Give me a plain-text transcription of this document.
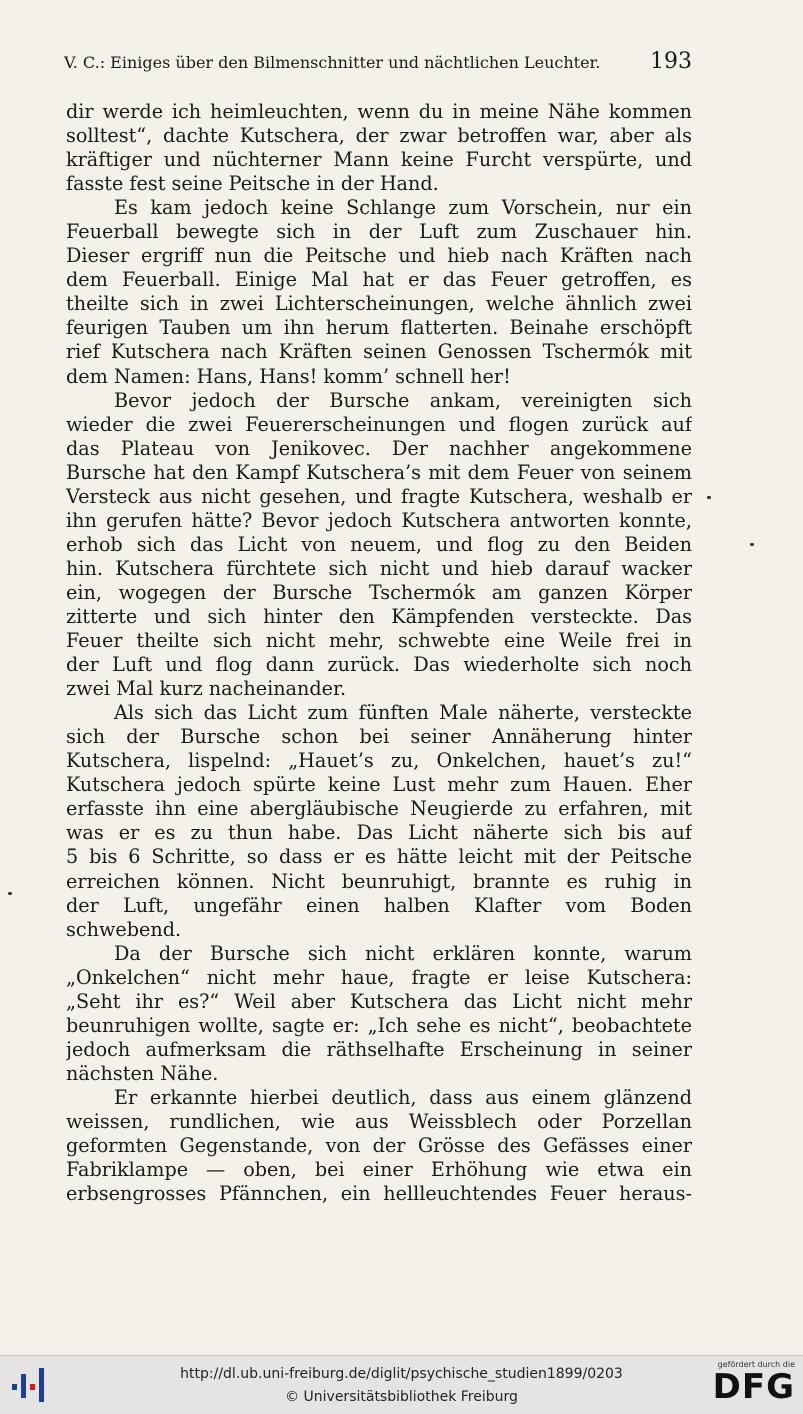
V. C.: Einiges über den Bilmenschnitter und nächtlichen Leuchter. 193
dir werde ich heimleuchten, wenn du in meine Nähe kommen
solltest“, dachte Kutschera, der zwar betroffen war, aber als
kräftiger und nüchterner Mann keine Furcht verspürte, und
fasste fest seine Peitsche in der Hand.
Es kam jedoch keine Schlange zum Vorschein, nur ein
Feuerball bewegte sich in der Luft zum Zuschauer hin.
Dieser ergriff nun die Peitsche und hieb nach Kräften nach
dem Feuerball. Einige Mal hat er das Feuer getroffen, es
theilte sich in zwei Lichterscheinungen, welche ähnlich zwei
feurigen Tauben um ihn herum flatterten. Beinahe erschöpft
rief Kutschera nach Kräften seinen Genossen Tschermók mit
dem Namen: Hans, Hans! komm’ schnell her!
Bevor jedoch der Bursche ankam, vereinigten sich
wieder die zwei Feuererscheinungen und flogen zurück auf
das Plateau von Jenikovec. Der nachher angekommene
Bursche hat den Kampf Kutschera’s mit dem Feuer von seinem
Versteck aus nicht gesehen, und fragte Kutschera, weshalb er
ihn gerufen hätte? Bevor jedoch Kutschera antworten konnte,
erhob sich das Licht von neuem, und flog zu den Beiden
hin. Kutschera fürchtete sich nicht und hieb darauf wacker
ein, wogegen der Bursche Tschermók am ganzen Körper
zitterte und sich hinter den Kämpfenden versteckte. Das
Feuer theilte sich nicht mehr, schwebte eine Weile frei in
der Luft und flog dann zurück. Das wiederholte sich noch
zwei Mal kurz nacheinander.
Als sich das Licht zum fünften Male näherte, versteckte
sich der Bursche schon bei seiner Annäherung hinter
Kutschera, lispelnd: „Hauet’s zu, Onkelchen, hauet’s zu!“
Kutschera jedoch spürte keine Lust mehr zum Hauen. Eher
erfasste ihn eine abergläubische Neugierde zu erfahren, mit
was er es zu thun habe. Das Licht näherte sich bis auf
5 bis 6 Schritte, so dass er es hätte leicht mit der Peitsche
erreichen können. Nicht beunruhigt, brannte es ruhig in
der Luft, ungefähr einen halben Klafter vom Boden
schwebend.
Da der Bursche sich nicht erklären konnte, warum
„Onkelchen“ nicht mehr haue, fragte er leise Kutschera:
„Seht ihr es?“ Weil aber Kutschera das Licht nicht mehr
beunruhigen wollte, sagte er: „Ich sehe es nicht“, beobachtete
jedoch aufmerksam die räthselhafte Erscheinung in seiner
nächsten Nähe.
Er erkannte hierbei deutlich, dass aus einem glänzend
weissen, rundlichen, wie aus Weissblech oder Porzellan
geformten Gegenstande, von der Grösse des Gefässes einer
Fabriklampe — oben, bei einer Erhöhung wie etwa ein
erbsengrosses Pfännchen, ein hellleuchtendes Feuer heraus-
http://dl.ub.uni-freiburg.de/diglit/psychische_studien1899/0203
© Universitätsbibliothek Freiburg
gefördert durch die
DFG
